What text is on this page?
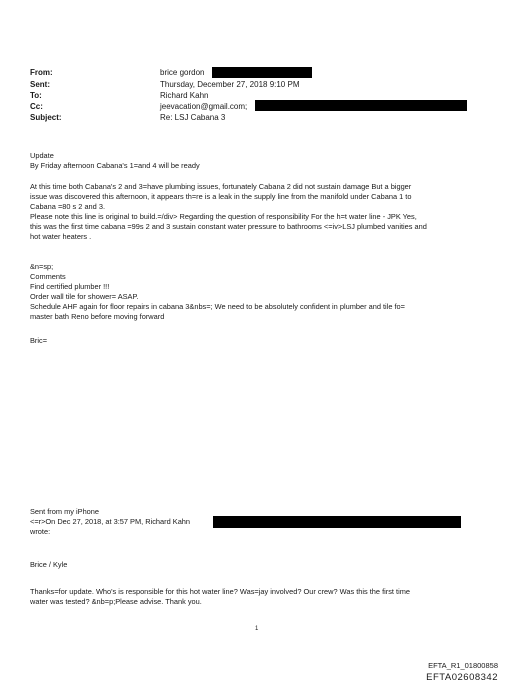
From:	brice gordon
Sent:	Thursday, December 27, 2018 9:10 PM
To:	Richard Kahn
Cc:	jeevacation@gmail.com;
Subject:	Re: LSJ Cabana 3

Update

By Friday afternoon Cabana's 1=and 4 will be ready

At this time both Cabana's 2 and 3=have plumbing issues, fortunately Cabana 2 did not sustain damage But a bigger

issue was discovered this afternoon, it appears th=re is a leak in the supply line from the manifold under Cabana 1 to

Cabana =80 s 2 and 3.

Please note this line is original to build.=/div> Regarding the question of responsibility For the h=t water line - JPK Yes,

this was the first time cabana =99s 2 and 3 sustain constant water pressure to bathrooms <=iv>LSJ plumbed vanities and

hot water heaters .

&n=sp;

Comments

Find certified plumber !!!

Order wall tile for shower= ASAP.

Schedule AHF again for floor repairs in cabana 3&nbs=; We need to be absolutely confident in plumber and tile fo=

master bath Reno before moving forward

Bric=

Sent from my iPhone

<=r>On Dec 27, 2018, at 3:57 PM, Richard Kahn

wrote:

Brice / Kyle

Thanks=for update. Who's is responsible for this hot water line? Was=jay involved? Our crew? Was this the first time

water was tested? &nb=p;Please advise. Thank you.

1
EFTA_R1_01800858
EFTA02608342
